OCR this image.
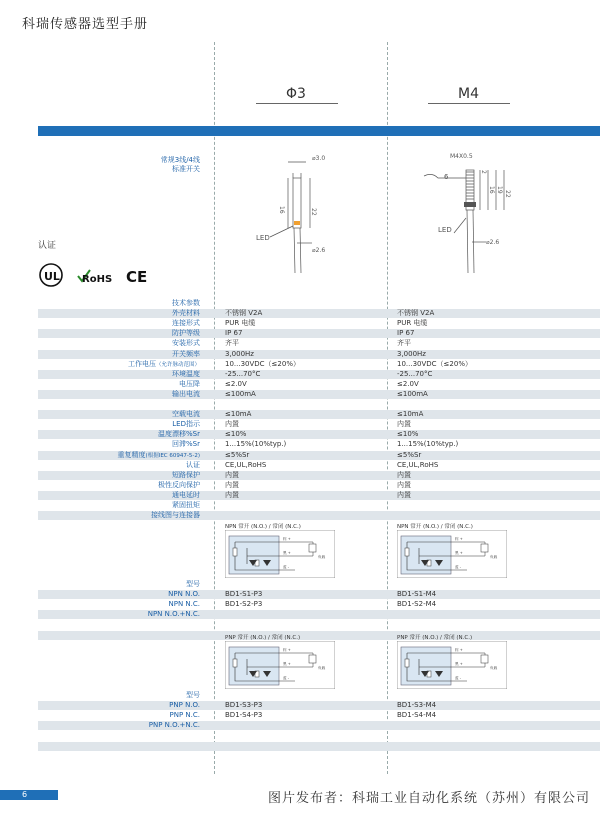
科瑞传感器选型手册
Φ3	M4
常规3线/4线
标准开关
⌀3.0
16	22
LED
⌀2.6
M4X0.5
6
2
16 19
22
LED
⌀2.6
认证
UL RoHS CE
技术参数
外壳材料	不锈钢 V2A	不锈钢 V2A
连接形式	PUR 电缆	PUR 电缆
防护等级	IP 67	IP 67
安装形式	齐平	齐平
开关频率	3,000Hz	3,000Hz
工作电压（允许脉动范围）	10...30VDC（≤20%）	10...30VDC（≤20%）
环境温度	-25...70°C	-25...70°C
电压降	≤2.0V	≤2.0V
输出电流	≤100mA	≤100mA
空载电流	≤10mA	≤10mA
LED指示	内置	内置
温度漂移%Sr	≤10%	≤10%
回滞%Sr	1...15%(10%typ.)	1...15%(10%typ.)
重复精度(根据IEC 60947-5-2)	≤5%Sr	≤5%Sr
认证	CE,UL,RoHS	CE,UL,RoHS
短路保护	内置	内置
极性反向保护	内置	内置
通电延时	内置	内置
紧固扭矩
接线图与连接器
NPN 常开 (N.O.) / 常闭 (N.C.)	NPN 常开 (N.O.) / 常闭 (N.C.)
棕 +
黑 +
负载
蓝 -
棕 +
黑 +
负载
蓝 -
型号
NPN N.O.	BD1-S1-P3	BD1-S1-M4
NPN N.C.	BD1-S2-P3	BD1-S2-M4
NPN N.O.+N.C.
PNP 常开 (N.O.) / 常闭 (N.C.)	PNP 常开 (N.O.) / 常闭 (N.C.)
棕 +
黑 +
负载
蓝 -
棕 +
黑 +
负载
蓝 -
型号
PNP N.O.	BD1-S3-P3	BD1-S3-M4
PNP N.C.	BD1-S4-P3	BD1-S4-M4
PNP N.O.+N.C.
6	图片发布者：科瑞工业自动化系统（苏州）有限公司
